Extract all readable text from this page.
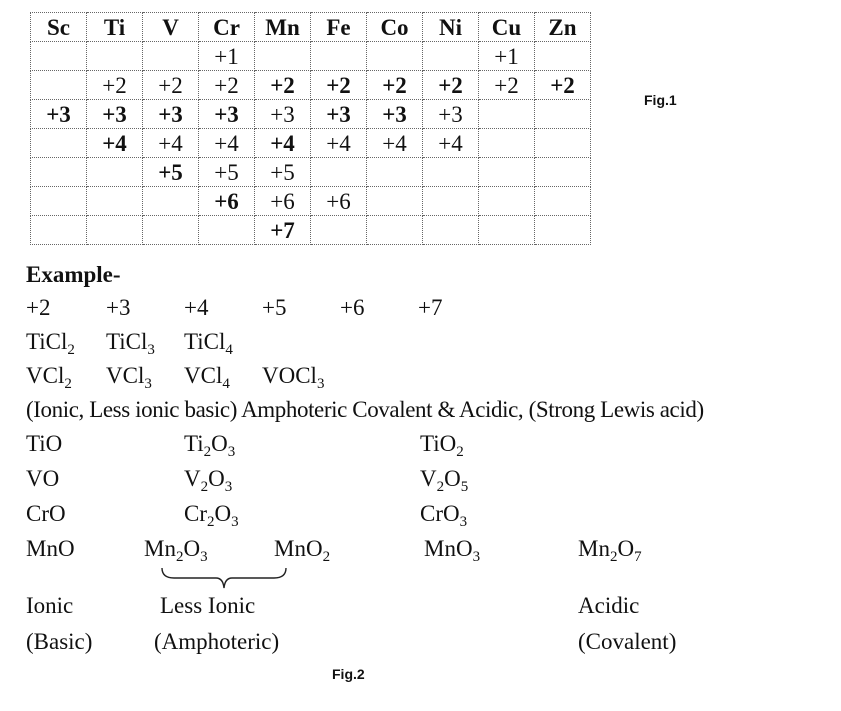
Sc	Ti	V	Cr	Mn	Fe	Co	Ni	Cu	Zn
			+1					+1	
	+2	+2	+2	+2	+2	+2	+2	+2	+2
+3	+3	+3	+3	+3	+3	+3	+3		
	+4	+4	+4	+4	+4	+4	+4		
		+5	+5	+5					
			+6	+6	+6				
				+7					
Fig.1
Example-
+2 +3 +4 +5 +6 +7
TiCl$_2$ TiCl$_3$ TiCl$_4$
VCl$_2$ VCl$_3$ VCl$_4$ VOCl$_3$
(Ionic, Less ionic basic) Amphoteric Covalent & Acidic, (Strong Lewis acid)
TiO	$Ti_2O_3$	TiO$_2$
VO	$V_2O_3$	$V_2O_5$
CrO	$Cr_2O_3$	CrO$_3$
MnO	$Mn_2O_3$	MnO$_2$	MnO$_3$	$Mn_2O_7$
Ionic	Less Ionic	Acidic
(Basic)	(Amphoteric)	(Covalent)
Fig.2
